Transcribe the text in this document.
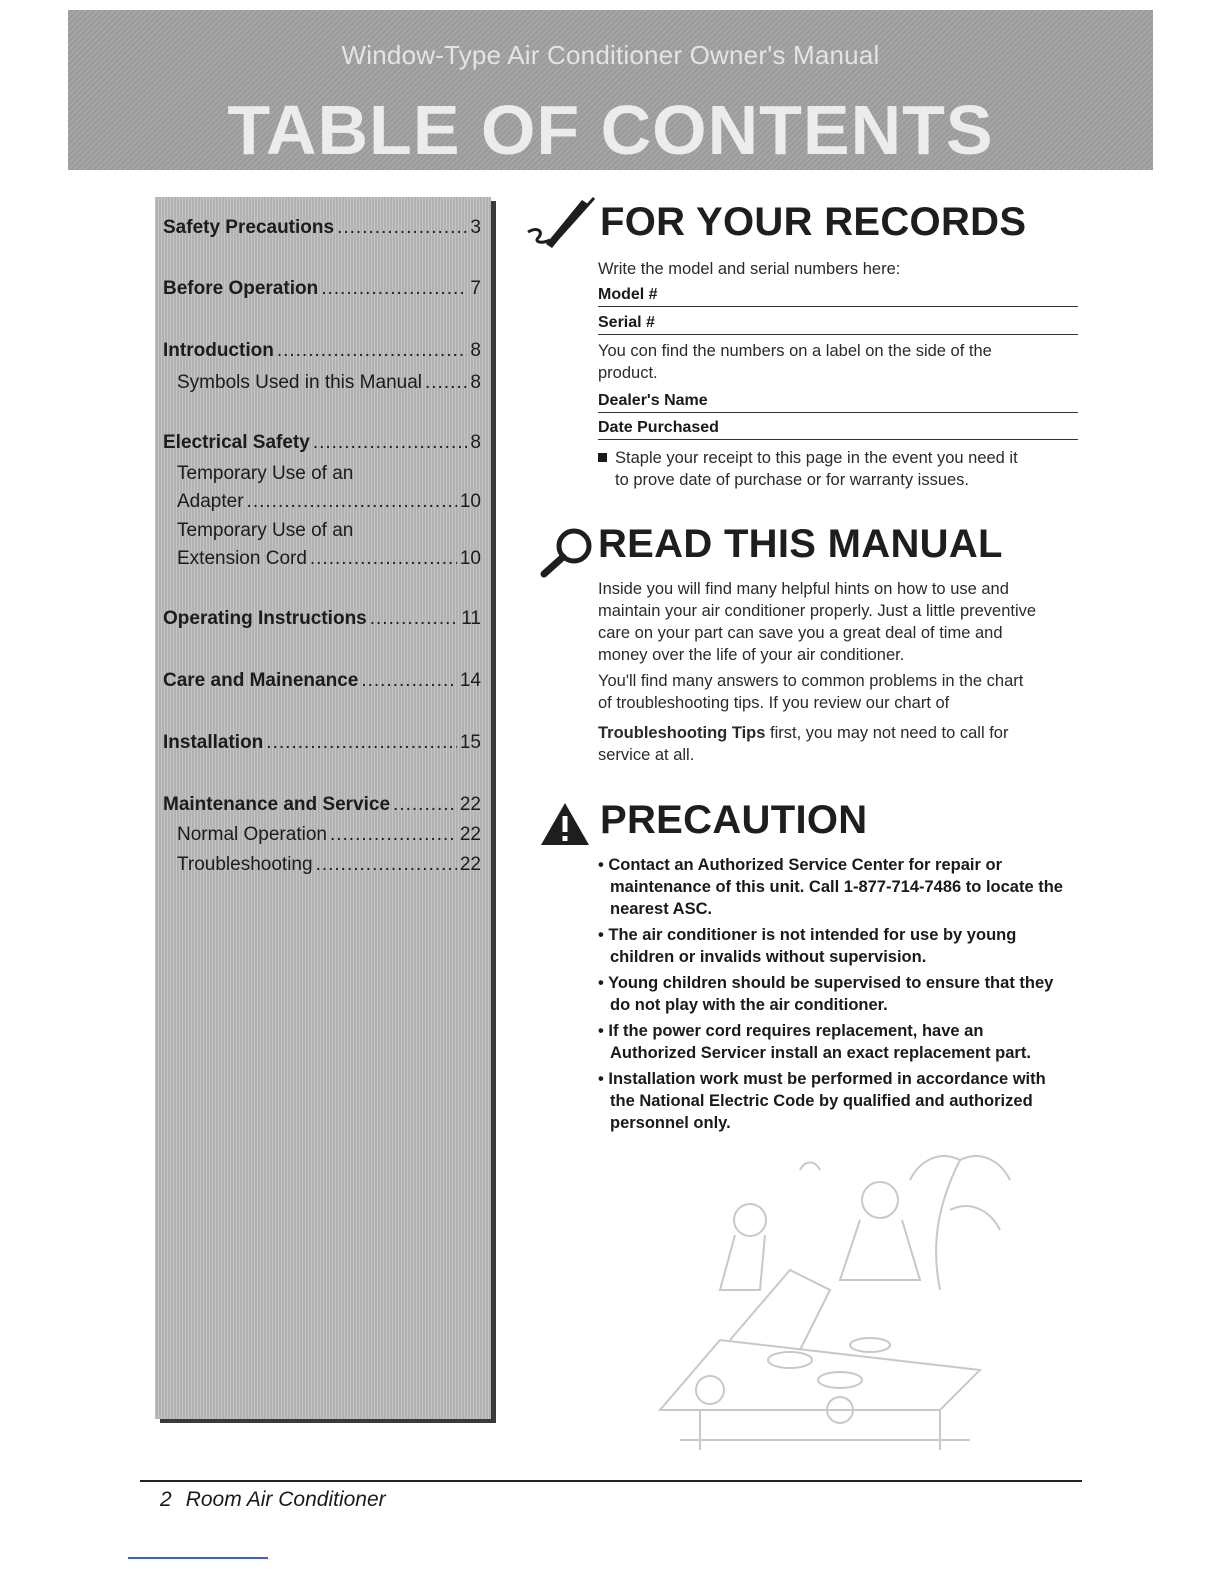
Window-Type Air Conditioner Owner's Manual
TABLE OF CONTENTS
Safety Precautions .....	3
Before Operation .....	7
Introduction .....	8
Symbols Used in this Manual .....	8
Electrical Safety .....	8
Temporary Use of an
Adapter .....	10
Temporary Use of an
Extension Cord .....	10
Operating Instructions .....	11
Care and Mainenance .....	14
Installation .....	15
Maintenance and Service .....	22
Normal Operation .....	22
Troubleshooting .....	22
FOR YOUR RECORDS
Write the model and serial numbers here:
Model #
Serial #
You con find the numbers on a label on the side of the
product.
Dealer's Name
Date Purchased
Staple your receipt to this page in the event you need it
to prove date of purchase or for warranty issues.
READ THIS MANUAL
Inside you will find many helpful hints on how to use and
maintain your air conditioner properly. Just a little preventive
care on your part can save you a great deal of time and
money over the life of your air conditioner.
You'll find many answers to common problems in the chart
of troubleshooting tips. If you review our chart of
Troubleshooting Tips first, you may not need to call for
service at all.
PRECAUTION

• Contact an Authorized Service Center for repair or maintenance of this unit. Call 1-877-714-7486 to locate the nearest ASC.

• The air conditioner is not intended for use by young children or invalids without supervision.

• Young children should be supervised to ensure that they do not play with the air conditioner.

• If the power cord requires replacement, have an Authorized Servicer install an exact replacement part.

• Installation work must be performed in accordance with the National Electric Code by qualified and authorized personnel only.

2 Room Air Conditioner
